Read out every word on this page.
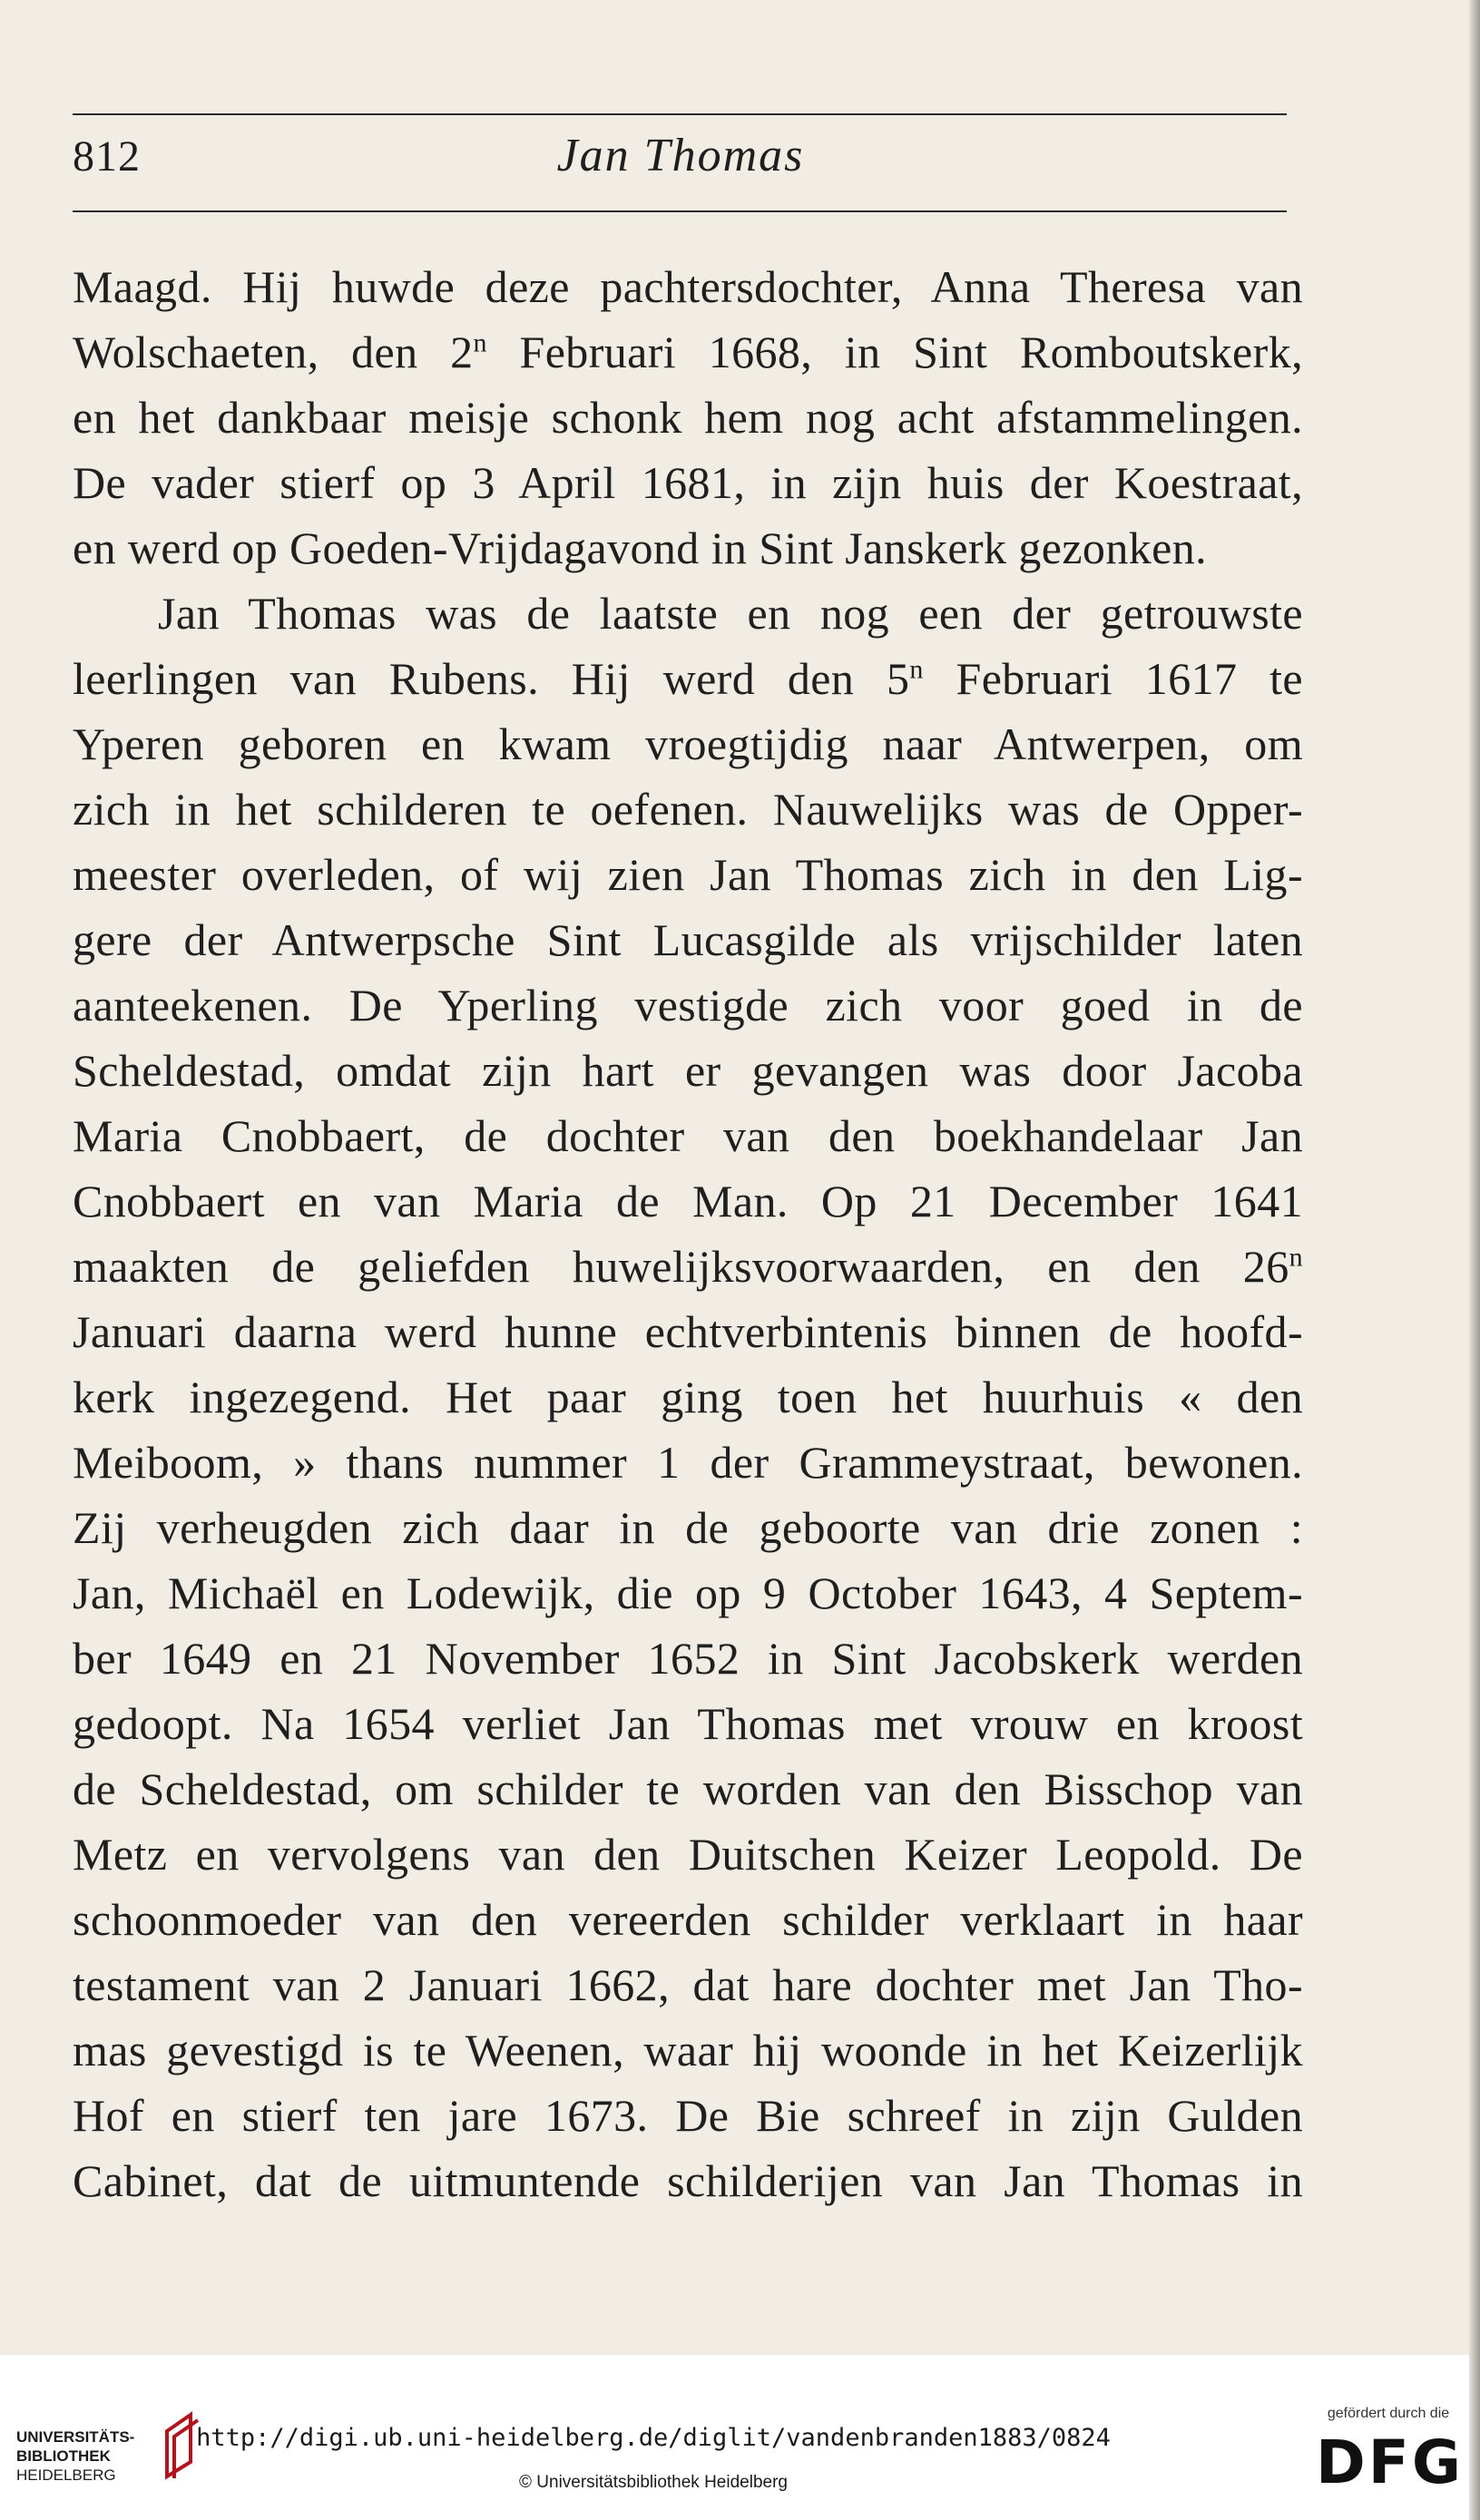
812	Jan Thomas
Maagd. Hij huwde deze pachtersdochter, Anna Theresa van
Wolschaeten, den 2$^n$ Februari 1668, in Sint Romboutskerk,
en het dankbaar meisje schonk hem nog acht afstammelingen.
De vader stierf op 3 April 1681, in zijn huis der Koestraat,
en werd op Goeden-Vrijdagavond in Sint Janskerk gezonken.
Jan Thomas was de laatste en nog een der getrouwste
leerlingen van Rubens. Hij werd den 5$^n$ Februari 1617 te
Yperen geboren en kwam vroegtijdig naar Antwerpen, om
zich in het schilderen te oefenen. Nauwelijks was de Opper-
meester overleden, of wij zien Jan Thomas zich in den Lig-
gere der Antwerpsche Sint Lucasgilde als vrijschilder laten
aanteekenen. De Yperling vestigde zich voor goed in de
Scheldestad, omdat zijn hart er gevangen was door Jacoba
Maria Cnobbaert, de dochter van den boekhandelaar Jan
Cnobbaert en van Maria de Man. Op 21 December 1641
maakten de geliefden huwelijksvoorwaarden, en den 26$^n$
Januari daarna werd hunne echtverbintenis binnen de hoofd-
kerk ingezegend. Het paar ging toen het huurhuis « den
Meiboom, » thans nummer 1 der Grammeystraat, bewonen.
Zij verheugden zich daar in de geboorte van drie zonen :
Jan, Michaël en Lodewijk, die op 9 October 1643, 4 Septem-
ber 1649 en 21 November 1652 in Sint Jacobskerk werden
gedoopt. Na 1654 verliet Jan Thomas met vrouw en kroost
de Scheldestad, om schilder te worden van den Bisschop van
Metz en vervolgens van den Duitschen Keizer Leopold. De
schoonmoeder van den vereerden schilder verklaart in haar
testament van 2 Januari 1662, dat hare dochter met Jan Tho-
mas gevestigd is te Weenen, waar hij woonde in het Keizerlijk
Hof en stierf ten jare 1673. De Bie schreef in zijn Gulden
Cabinet, dat de uitmuntende schilderijen van Jan Thomas in
UNIVERSITÄTS-
BIBLIOTHEK
HEIDELBERG
http://digi.ub.uni-heidelberg.de/diglit/vandenbranden1883/0824
© Universitätsbibliothek Heidelberg
gefördert durch die
DFG
